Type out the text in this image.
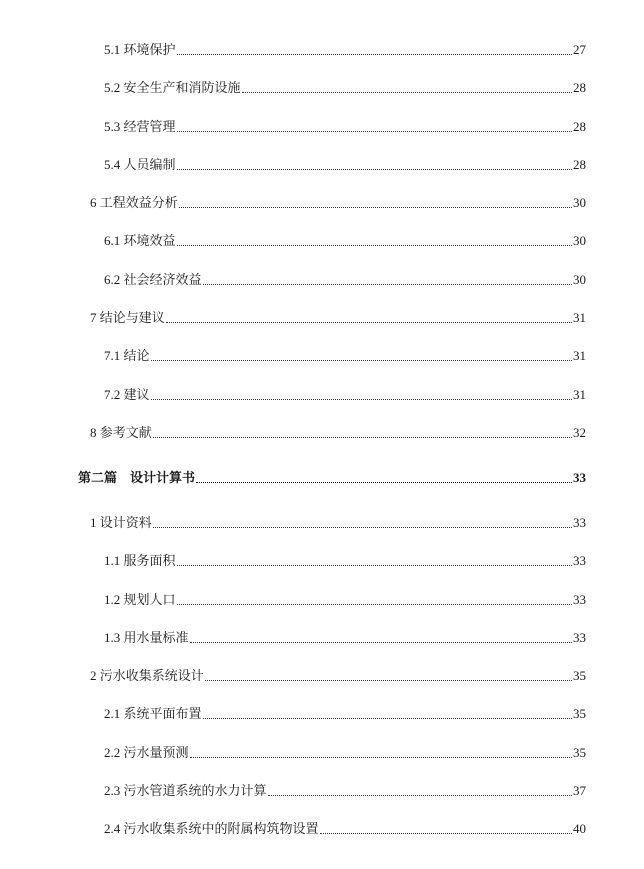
5.1 环境保护	27
5.2 安全生产和消防设施	28
5.3 经营管理	28
5.4 人员编制	28
6 工程效益分析	30
6.1 环境效益	30
6.2 社会经济效益	30
7 结论与建议	31
7.1 结论	31
7.2 建议	31
8 参考文献	32
第二篇　设计计算书	33
1 设计资料	33
1.1 服务面积	33
1.2 规划人口	33
1.3 用水量标准	33
2 污水收集系统设计	35
2.1 系统平面布置	35
2.2 污水量预测	35
2.3 污水管道系统的水力计算	37
2.4 污水收集系统中的附属构筑物设置	40
